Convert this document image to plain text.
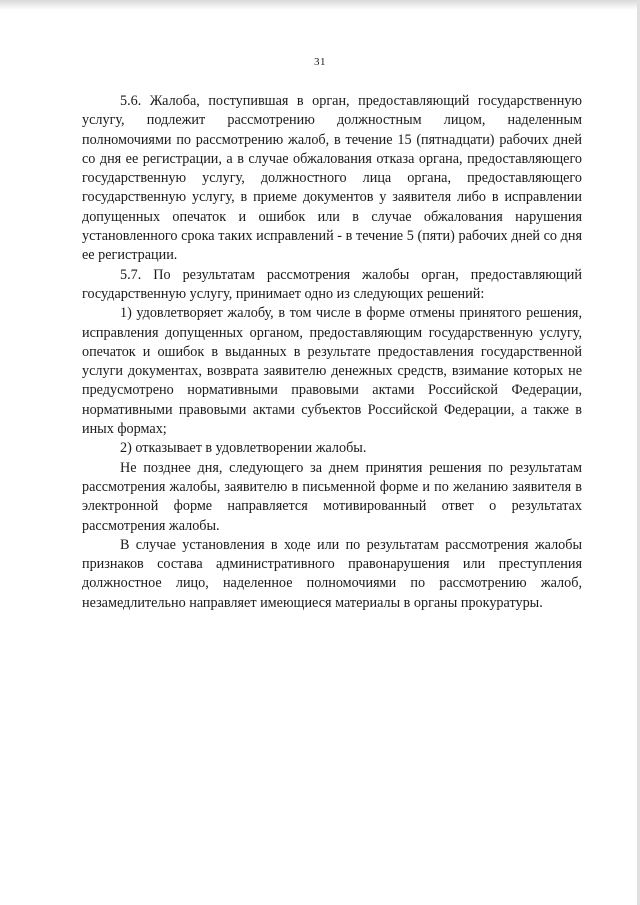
31

5.6. Жалоба, поступившая в орган, предоставляющий государственную услугу, подлежит рассмотрению должностным лицом, наделенным полномочиями по рассмотрению жалоб, в течение 15 (пятнадцати) рабочих дней со дня ее регистрации, а в случае обжалования отказа органа, предоставляющего государственную услугу, должностного лица органа, предоставляющего государственную услугу, в приеме документов у заявителя либо в исправлении допущенных опечаток и ошибок или в случае обжалования нарушения установленного срока таких исправлений - в течение 5 (пяти) рабочих дней со дня ее регистрации.

5.7. По результатам рассмотрения жалобы орган, предоставляющий государственную услугу, принимает одно из следующих решений:

1) удовлетворяет жалобу, в том числе в форме отмены принятого решения, исправления допущенных органом, предоставляющим государственную услугу, опечаток и ошибок в выданных в результате предоставления государственной услуги документах, возврата заявителю денежных средств, взимание которых не предусмотрено нормативными правовыми актами Российской Федерации, нормативными правовыми актами субъектов Российской Федерации, а также в иных формах;

2) отказывает в удовлетворении жалобы.

Не позднее дня, следующего за днем принятия решения по результатам рассмотрения жалобы, заявителю в письменной форме и по желанию заявителя в электронной форме направляется мотивированный ответ о результатах рассмотрения жалобы.

В случае установления в ходе или по результатам рассмотрения жалобы признаков состава административного правонарушения или преступления должностное лицо, наделенное полномочиями по рассмотрению жалоб, незамедлительно направляет имеющиеся материалы в органы прокуратуры.
